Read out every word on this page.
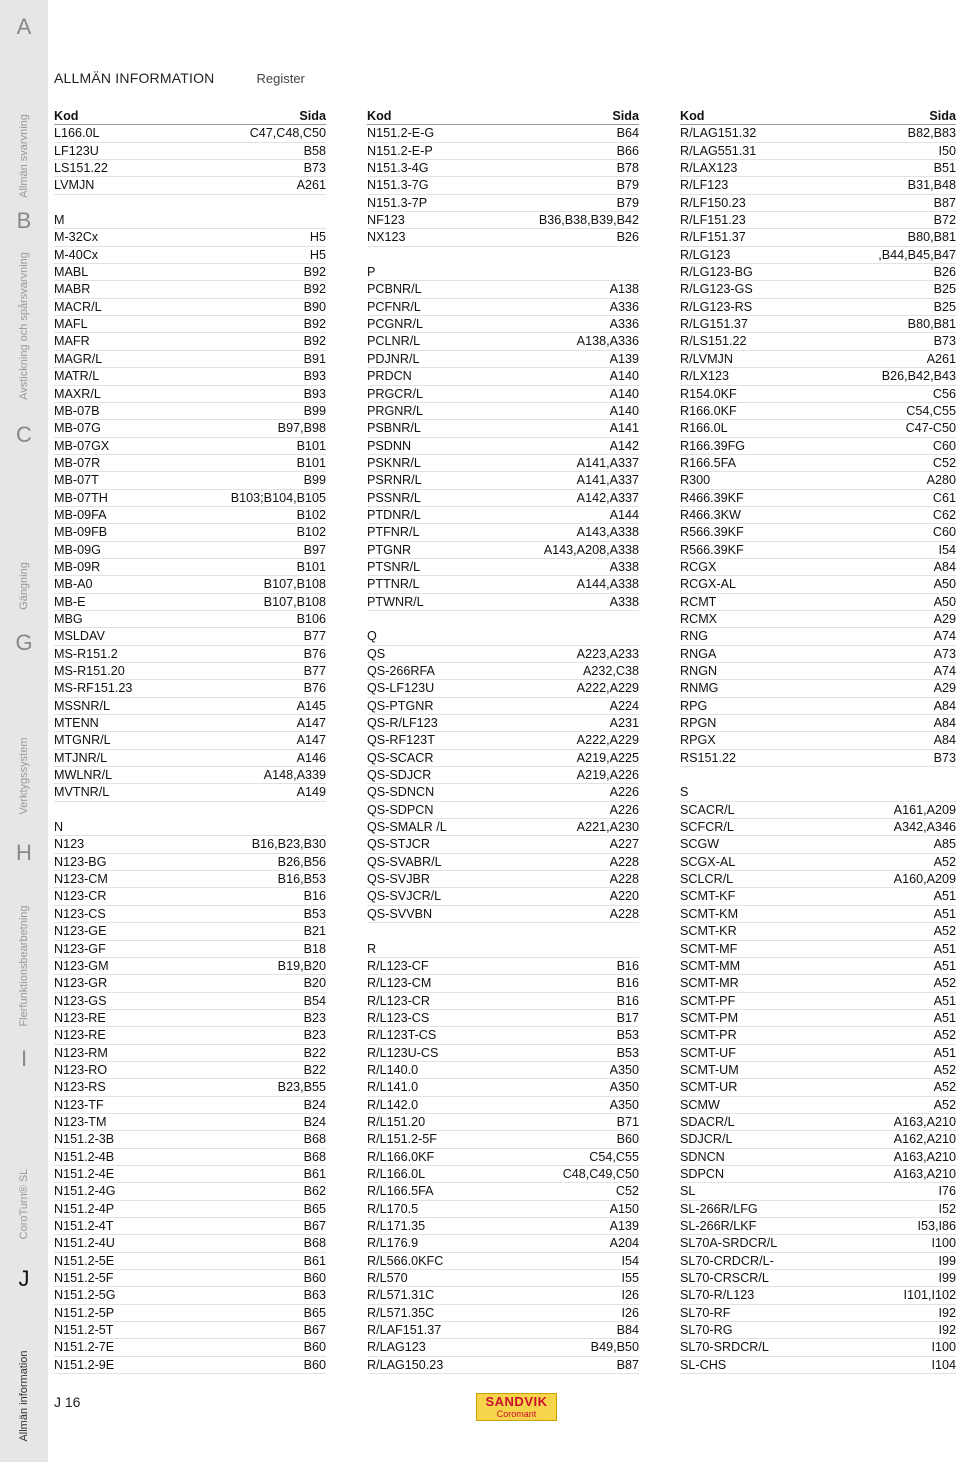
A
Allmän svarvning
B
Avstickning och spårsvarvning
C
Gängning
G
Verktygssystem
H
Flerfunktionsbearbetning
I
CoroTurn® SL
J
Allmän information
ALLMÄN INFORMATION	Register
Kod	Sida
L166.0L	C47,C48,C50
LF123U	B58
LS151.22	B73
LVMJN	A261
M
M-32Cx	H5
M-40Cx	H5
MABL	B92
MABR	B92
MACR/L	B90
MAFL	B92
MAFR	B92
MAGR/L	B91
MATR/L	B93
MAXR/L	B93
MB-07B	B99
MB-07G	B97,B98
MB-07GX	B101
MB-07R	B101
MB-07T	B99
MB-07TH	B103;B104,B105
MB-09FA	B102
MB-09FB	B102
MB-09G	B97
MB-09R	B101
MB-A0	B107,B108
MB-E	B107,B108
MBG	B106
MSLDAV	B77
MS-R151.2	B76
MS-R151.20	B77
MS-RF151.23	B76
MSSNR/L	A145
MTENN	A147
MTGNR/L	A147
MTJNR/L	A146
MWLNR/L	A148,A339
MVTNR/L	A149
N
N123	B16,B23,B30
N123-BG	B26,B56
N123-CM	B16,B53
N123-CR	B16
N123-CS	B53
N123-GE	B21
N123-GF	B18
N123-GM	B19,B20
N123-GR	B20
N123-GS	B54
N123-RE	B23
N123-RE	B23
N123-RM	B22
N123-RO	B22
N123-RS	B23,B55
N123-TF	B24
N123-TM	B24
N151.2-3B	B68
N151.2-4B	B68
N151.2-4E	B61
N151.2-4G	B62
N151.2-4P	B65
N151.2-4T	B67
N151.2-4U	B68
N151.2-5E	B61
N151.2-5F	B60
N151.2-5G	B63
N151.2-5P	B65
N151.2-5T	B67
N151.2-7E	B60
N151.2-9E	B60
Kod	Sida
N151.2-E-G	B64
N151.2-E-P	B66
N151.3-4G	B78
N151.3-7G	B79
N151.3-7P	B79
NF123	B36,B38,B39,B42
NX123	B26
P
PCBNR/L	A138
PCFNR/L	A336
PCGNR/L	A336
PCLNR/L	A138,A336
PDJNR/L	A139
PRDCN	A140
PRGCR/L	A140
PRGNR/L	A140
PSBNR/L	A141
PSDNN	A142
PSKNR/L	A141,A337
PSRNR/L	A141,A337
PSSNR/L	A142,A337
PTDNR/L	A144
PTFNR/L	A143,A338
PTGNR	A143,A208,A338
PTSNR/L	A338
PTTNR/L	A144,A338
PTWNR/L	A338
Q
QS	A223,A233
QS-266RFA	A232,C38
QS-LF123U	A222,A229
QS-PTGNR	A224
QS-R/LF123	A231
QS-RF123T	A222,A229
QS-SCACR	A219,A225
QS-SDJCR	A219,A226
QS-SDNCN	A226
QS-SDPCN	A226
QS-SMALR /L	A221,A230
QS-STJCR	A227
QS-SVABR/L	A228
QS-SVJBR	A228
QS-SVJCR/L	A220
QS-SVVBN	A228
R
R/L123-CF	B16
R/L123-CM	B16
R/L123-CR	B16
R/L123-CS	B17
R/L123T-CS	B53
R/L123U-CS	B53
R/L140.0	A350
R/L141.0	A350
R/L142.0	A350
R/L151.20	B71
R/L151.2-5F	B60
R/L166.0KF	C54,C55
R/L166.0L	C48,C49,C50
R/L166.5FA	C52
R/L170.5	A150
R/L171.35	A139
R/L176.9	A204
R/L566.0KFC	I54
R/L570	I55
R/L571.31C	I26
R/L571.35C	I26
R/LAF151.37	B84
R/LAG123	B49,B50
R/LAG150.23	B87
Kod	Sida
R/LAG151.32	B82,B83
R/LAG551.31	I50
R/LAX123	B51
R/LF123	B31,B48
R/LF150.23	B87
R/LF151.23	B72
R/LF151.37	B80,B81
R/LG123	,B44,B45,B47
R/LG123-BG	B26
R/LG123-GS	B25
R/LG123-RS	B25
R/LG151.37	B80,B81
R/LS151.22	B73
R/LVMJN	A261
R/LX123	B26,B42,B43
R154.0KF	C56
R166.0KF	C54,C55
R166.0L	C47-C50
R166.39FG	C60
R166.5FA	C52
R300	A280
R466.39KF	C61
R466.3KW	C62
R566.39KF	C60
R566.39KF	I54
RCGX	A84
RCGX-AL	A50
RCMT	A50
RCMX	A29
RNG	A74
RNGA	A73
RNGN	A74
RNMG	A29
RPG	A84
RPGN	A84
RPGX	A84
RS151.22	B73
S
SCACR/L	A161,A209
SCFCR/L	A342,A346
SCGW	A85
SCGX-AL	A52
SCLCR/L	A160,A209
SCMT-KF	A51
SCMT-KM	A51
SCMT-KR	A52
SCMT-MF	A51
SCMT-MM	A51
SCMT-MR	A52
SCMT-PF	A51
SCMT-PM	A51
SCMT-PR	A52
SCMT-UF	A51
SCMT-UM	A52
SCMT-UR	A52
SCMW	A52
SDACR/L	A163,A210
SDJCR/L	A162,A210
SDNCN	A163,A210
SDPCN	A163,A210
SL	I76
SL-266R/LFG	I52
SL-266R/LKF	I53,I86
SL70A-SRDCR/L	I100
SL70-CRDCR/L-	I99
SL70-CRSCR/L	I99
SL70-R/L123	I101,I102
SL70-RF	I92
SL70-RG	I92
SL70-SRDCR/L	I100
SL-CHS	I104
J 16	SANDVIK
Coromant
